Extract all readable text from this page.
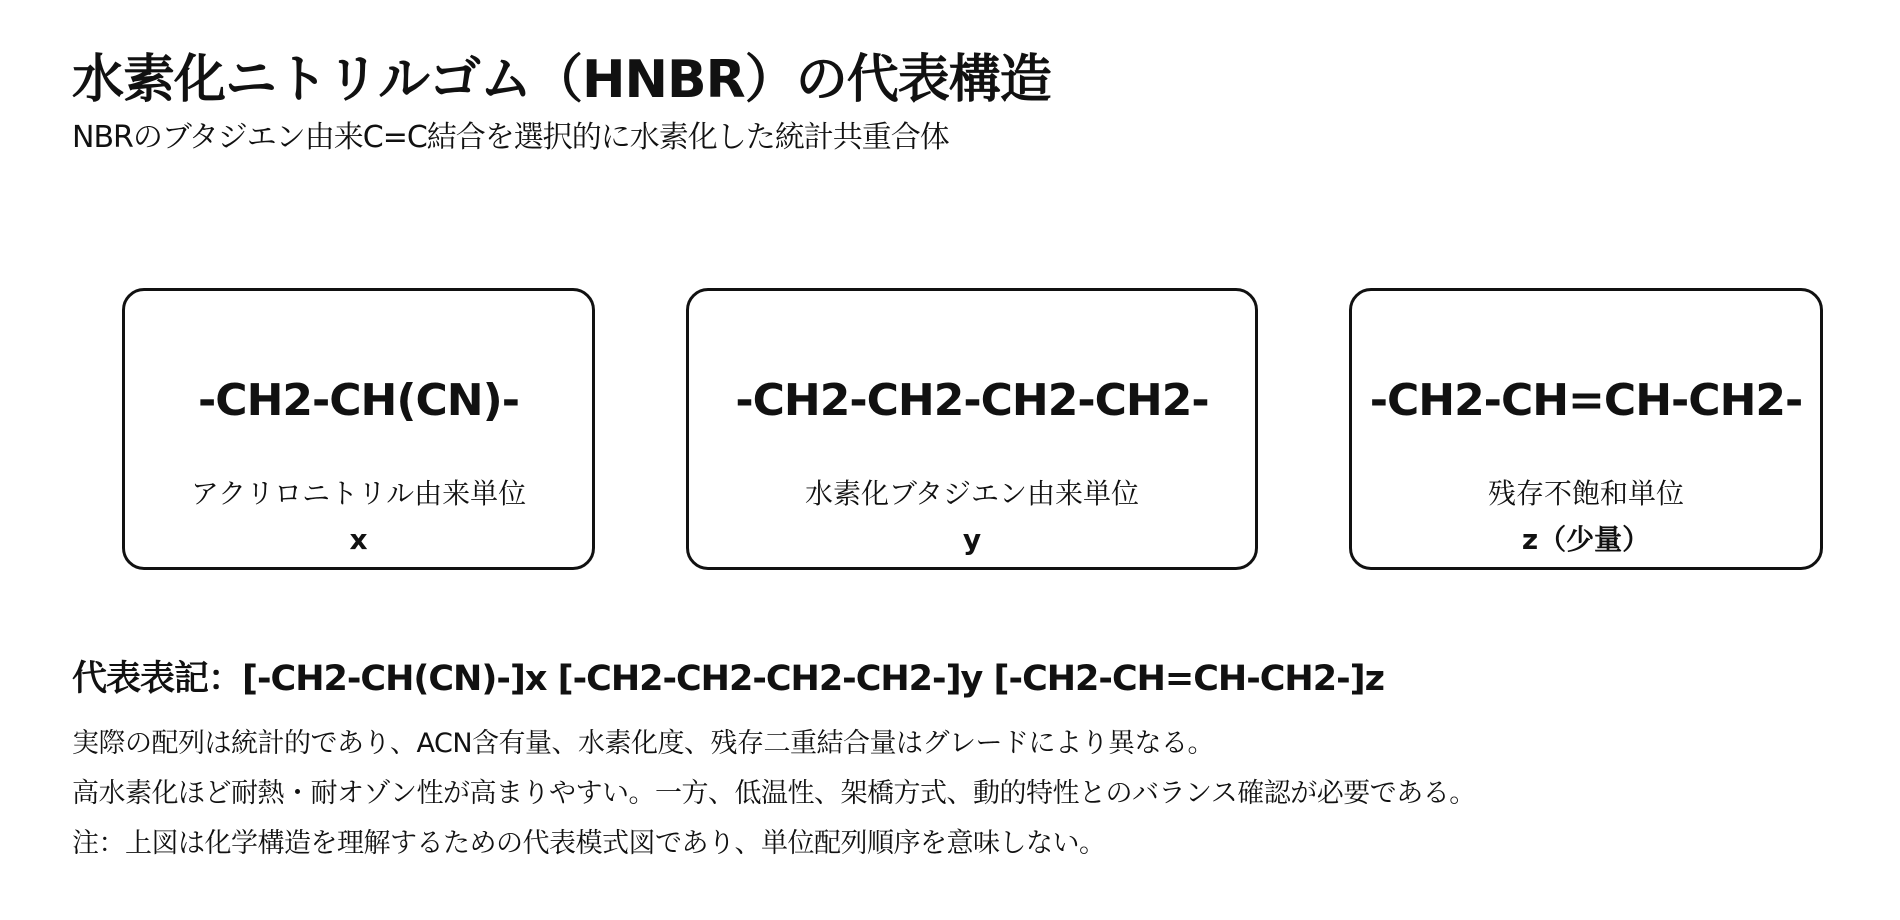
水素化ニトリルゴム（HNBR）の代表構造
NBRのブタジエン由来C=C結合を選択的に水素化した統計共重合体
-CH2-CH(CN)-
アクリロニトリル由来単位
x
-CH2-CH2-CH2-CH2-
水素化ブタジエン由来単位
y
-CH2-CH=CH-CH2-
残存不飽和単位
z（少量）
代表表記：[-CH2-CH(CN)-]x [-CH2-CH2-CH2-CH2-]y [-CH2-CH=CH-CH2-]z
実際の配列は統計的であり、ACN含有量、水素化度、残存二重結合量はグレードにより異なる。
高水素化ほど耐熱・耐オゾン性が高まりやすい。一方、低温性、架橋方式、動的特性とのバランス確認が必要である。
注：上図は化学構造を理解するための代表模式図であり、単位配列順序を意味しない。
